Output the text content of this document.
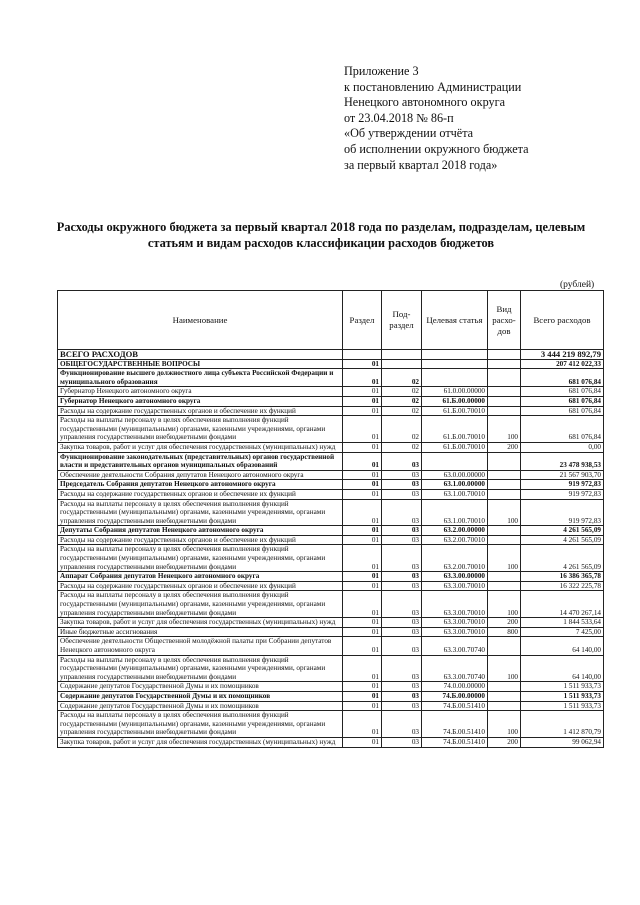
Приложение 3
к постановлению Администрации
Ненецкого автономного округа
от 23.04.2018 № 86-п
«Об утверждении отчёта
об исполнении окружного бюджета
за первый квартал 2018 года»
Расходы окружного бюджета за первый квартал 2018 года по разделам, подразделам, целевым
статьям и видам расходов классификации расходов бюджетов
(рублей)
Наименование	Раздел	Под- раздел	Целевая статья	Вид расхо- дов	Всего расходов
ВСЕГО РАСХОДОВ					3 444 219 892,79
ОБЩЕГОСУДАРСТВЕННЫЕ ВОПРОСЫ	01				207 412 022,33
Функционирование высшего должностного лица субъекта Российской Федерации и муниципального образования	01	02			681 076,84
Губернатор Ненецкого автономного округа	01	02	61.0.00.00000		681 076,84
Губернатор Ненецкого автономного округа	01	02	61.Б.00.00000		681 076,84
Расходы на содержание государственных органов и обеспечение их функций	01	02	61.Б.00.70010		681 076,84
Расходы на выплаты персоналу в целях обеспечения выполнения функций государственными (муниципальными) органами, казенными учреждениями, органами управления государственными внебюджетными фондами	01	02	61.Б.00.70010	100	681 076,84
Закупка товаров, работ и услуг для обеспечения государственных (муниципальных) нужд	01	02	61.Б.00.70010	200	0,00
Функционирование законодательных (представительных) органов государственной власти и представительных органов муниципальных образований	01	03			23 478 938,53
Обеспечение деятельности Собрания депутатов Ненецкого автономного округа	01	03	63.0.00.00000		21 567 903,70
Председатель Собрания депутатов Ненецкого автономного округа	01	03	63.1.00.00000		919 972,83
Расходы на содержание государственных органов и обеспечение их функций	01	03	63.1.00.70010		919 972,83
Расходы на выплаты персоналу в целях обеспечения выполнения функций государственными (муниципальными) органами, казенными учреждениями, органами управления государственными внебюджетными фондами	01	03	63.1.00.70010	100	919 972,83
Депутаты Собрания депутатов Ненецкого автономного округа	01	03	63.2.00.00000		4 261 565,09
Расходы на содержание государственных органов и обеспечение их функций	01	03	63.2.00.70010		4 261 565,09
Расходы на выплаты персоналу в целях обеспечения выполнения функций государственными (муниципальными) органами, казенными учреждениями, органами управления государственными внебюджетными фондами	01	03	63.2.00.70010	100	4 261 565,09
Аппарат Собрания депутатов Ненецкого автономного округа	01	03	63.3.00.00000		16 386 365,78
Расходы на содержание государственных органов и обеспечение их функций	01	03	63.3.00.70010		16 322 225,78
Расходы на выплаты персоналу в целях обеспечения выполнения функций государственными (муниципальными) органами, казенными учреждениями, органами управления государственными внебюджетными фондами	01	03	63.3.00.70010	100	14 470 267,14
Закупка товаров, работ и услуг для обеспечения государственных (муниципальных) нужд	01	03	63.3.00.70010	200	1 844 533,64
Иные бюджетные ассигнования	01	03	63.3.00.70010	800	7 425,00
Обеспечение деятельности Общественной молодёжной палаты при Собрании депутатов Ненецкого автономного округа	01	03	63.3.00.70740		64 140,00
Расходы на выплаты персоналу в целях обеспечения выполнения функций государственными (муниципальными) органами, казенными учреждениями, органами управления государственными внебюджетными фондами	01	03	63.3.00.70740	100	64 140,00
Содержание депутатов Государственной Думы и их помощников	01	03	74.0.00.00000		1 511 933,73
Содержание депутатов Государственной Думы и их помощников	01	03	74.Б.00.00000		1 511 933,73
Содержание депутатов Государственной Думы и их помощников	01	03	74.Б.00.51410		1 511 933,73
Расходы на выплаты персоналу в целях обеспечения выполнения функций государственными (муниципальными) органами, казенными учреждениями, органами управления государственными внебюджетными фондами	01	03	74.Б.00.51410	100	1 412 870,79
Закупка товаров, работ и услуг для обеспечения государственных (муниципальных) нужд	01	03	74.Б.00.51410	200	99 062,94
